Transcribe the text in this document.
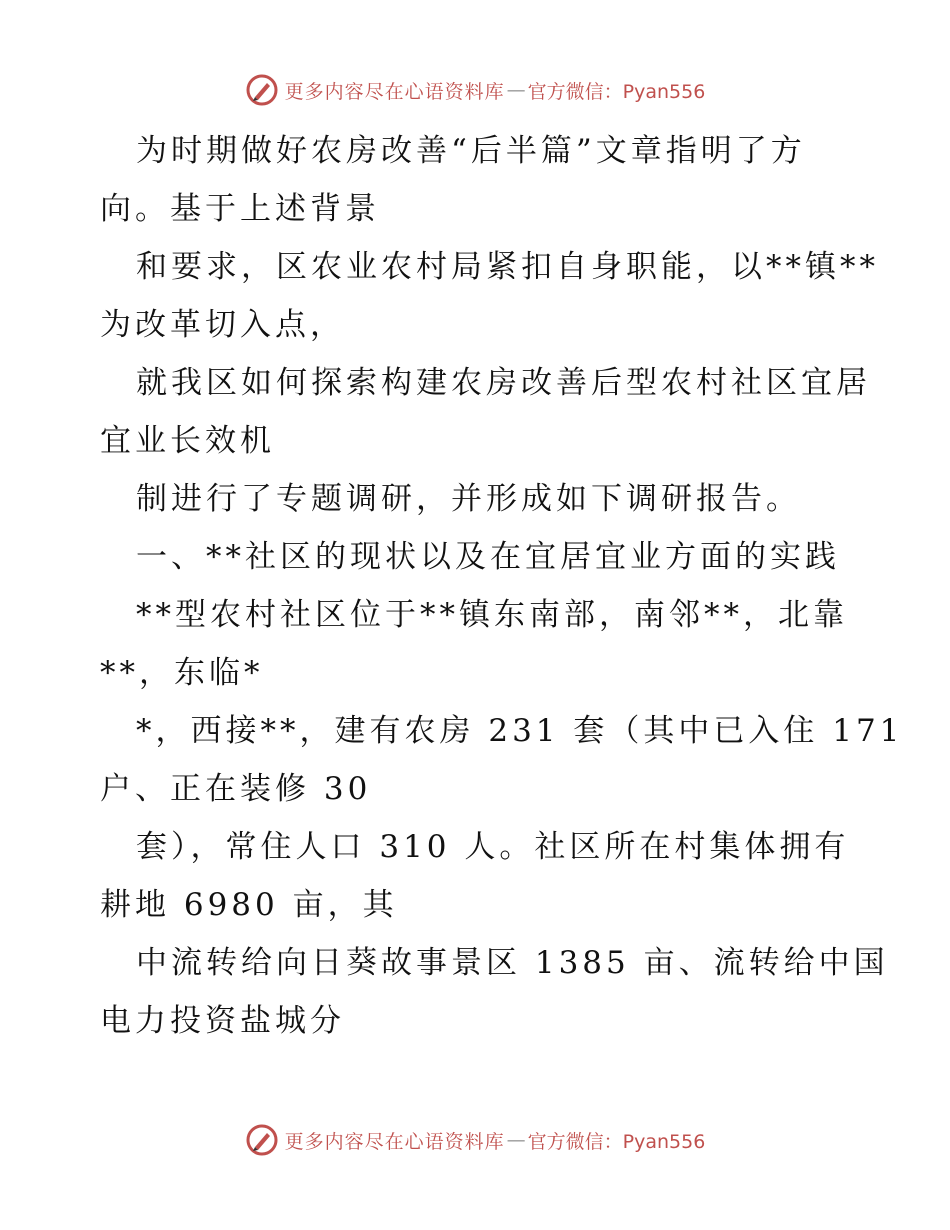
更多内容尽在心语资料库 — 官方微信：Pyan556
为时期做好农房改善“后半篇”文章指明了方
向。基于上述背景
和要求，区农业农村局紧扣自身职能，以**镇**
为改革切入点，
就我区如何探索构建农房改善后型农村社区宜居
宜业长效机
制进行了专题调研，并形成如下调研报告。
一、**社区的现状以及在宜居宜业方面的实践
**型农村社区位于**镇东南部，南邻**，北靠
**，东临*
*，西接**，建有农房 231 套（其中已入住 171
户、正在装修 30
套），常住人口 310 人。社区所在村集体拥有
耕地 6980 亩，其
中流转给向日葵故事景区 1385 亩、流转给中国
电力投资盐城分
更多内容尽在心语资料库 — 官方微信：Pyan556
